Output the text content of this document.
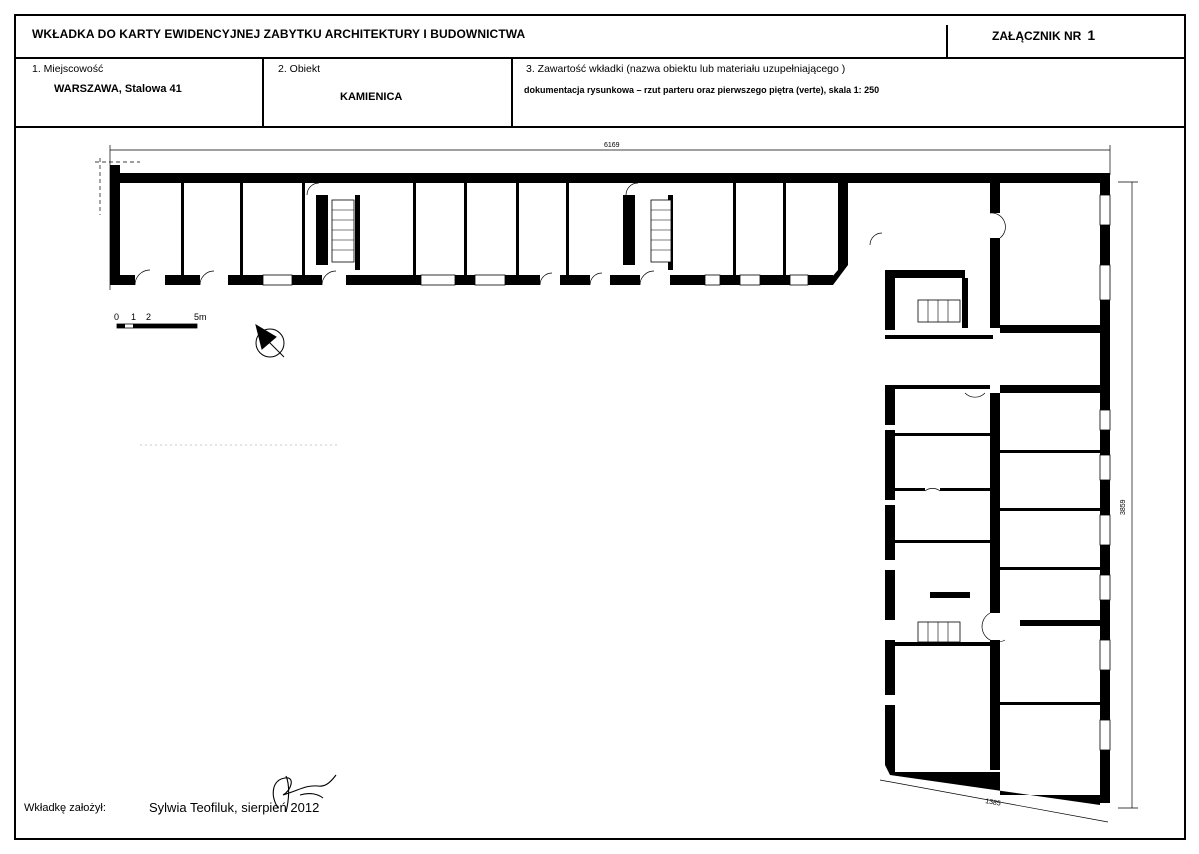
WKŁADKA DO KARTY EWIDENCYJNEJ ZABYTKU ARCHITEKTURY I BUDOWNICTWA	ZAŁĄCZNIK NR 1
1. Miejscowość
WARSZAWA, Stalowa 41
2. Obiekt
KAMIENICA
3. Zawartość wkładki (nazwa obiektu lub materiału uzupełniającego )
dokumentacja rysunkowa – rzut parteru oraz pierwszego piętra (verte), skala 1: 250
Wkładkę założył:	Sylwia Teofiluk, sierpień 2012
6169
3859
1385
0 1 2	5m
